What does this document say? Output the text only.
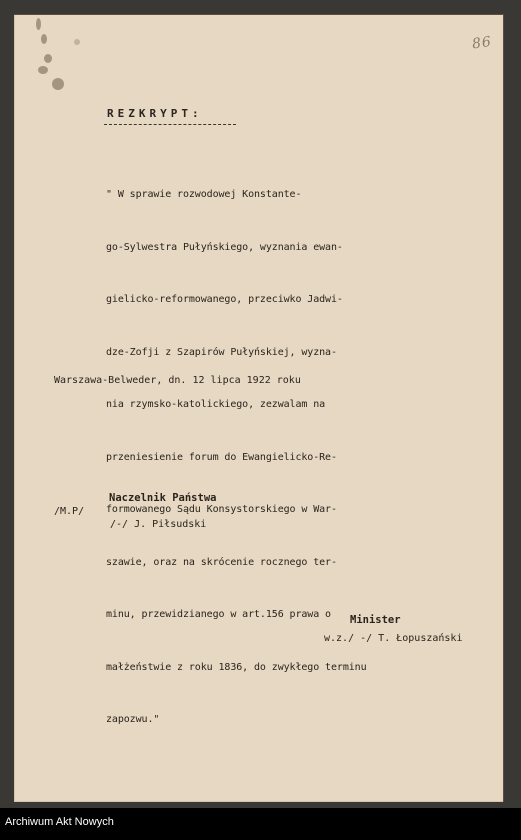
86
REZKRYPT:

" W sprawie rozwodowej Konstante-

go-Sylwestra Pułyńskiego, wyznania ewan-

gielicko-reformowanego, przeciwko Jadwi-

dze-Zofji z Szapirów Pułyńskiej, wyzna-

nia rzymsko-katolickiego, zezwalam na

przeniesienie forum do Ewangielicko-Re-

formowanego Sądu Konsystorskiego w War-

szawie, oraz na skrócenie rocznego ter-

minu, przewidzianego w art.156 prawa o

małżeństwie z roku 1836, do zwykłego terminu

zapozwu."

Warszawa-Belweder, dn. 12 lipca 1922 roku
/M.P/
Naczelnik Państwa
/-/ J. Piłsudski
Minister
w.z./ -/ T. Łopuszański
Archiwum Akt Nowych
